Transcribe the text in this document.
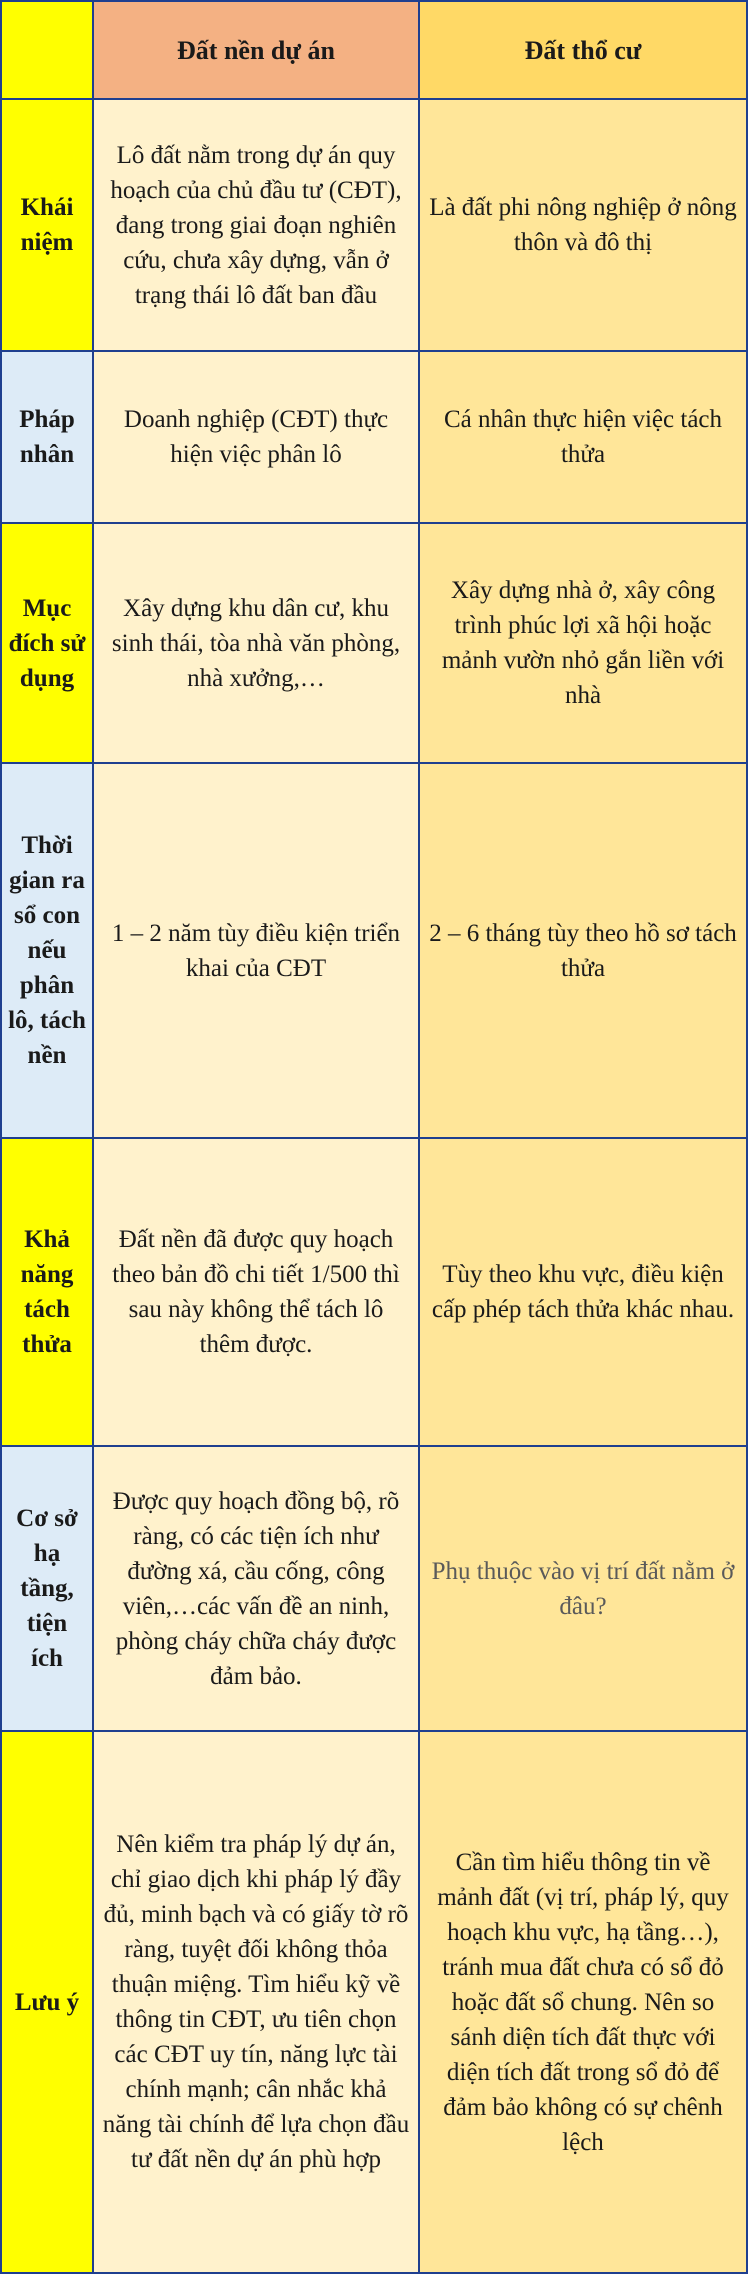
Đất nền dự án	Đất thổ cư
Khái niệm
Lô đất nằm trong dự án quy hoạch của chủ đầu tư (CĐT), đang trong giai đoạn nghiên cứu, chưa xây dựng, vẫn ở trạng thái lô đất ban đầu
Là đất phi nông nghiệp ở nông thôn và đô thị
Pháp nhân
Doanh nghiệp (CĐT) thực hiện việc phân lô
Cá nhân thực hiện việc tách thửa
Mục đích sử dụng
Xây dựng khu dân cư, khu sinh thái, tòa nhà văn phòng, nhà xưởng,…
Xây dựng nhà ở, xây công trình phúc lợi xã hội hoặc mảnh vườn nhỏ gắn liền với nhà
Thời gian ra sổ con nếu phân lô, tách nền
1 – 2 năm tùy điều kiện triển khai của CĐT
2 – 6 tháng tùy theo hồ sơ tách thửa
Khả năng tách thửa
Đất nền đã được quy hoạch theo bản đồ chi tiết 1/500 thì sau này không thể tách lô thêm được.
Tùy theo khu vực, điều kiện cấp phép tách thửa khác nhau.
Cơ sở hạ tầng, tiện ích
Được quy hoạch đồng bộ, rõ ràng, có các tiện ích như đường xá, cầu cống, công viên,…các vấn đề an ninh, phòng cháy chữa cháy được đảm bảo.
Phụ thuộc vào vị trí đất nằm ở đâu?
Lưu ý
Nên kiểm tra pháp lý dự án, chỉ giao dịch khi pháp lý đầy đủ, minh bạch và có giấy tờ rõ ràng, tuyệt đối không thỏa thuận miệng. Tìm hiểu kỹ về thông tin CĐT, ưu tiên chọn các CĐT uy tín, năng lực tài chính mạnh; cân nhắc khả năng tài chính để lựa chọn đầu tư đất nền dự án phù hợp
Cần tìm hiểu thông tin về mảnh đất (vị trí, pháp lý, quy hoạch khu vực, hạ tầng…), tránh mua đất chưa có sổ đỏ hoặc đất sổ chung. Nên so sánh diện tích đất thực với diện tích đất trong sổ đỏ để đảm bảo không có sự chênh lệch
